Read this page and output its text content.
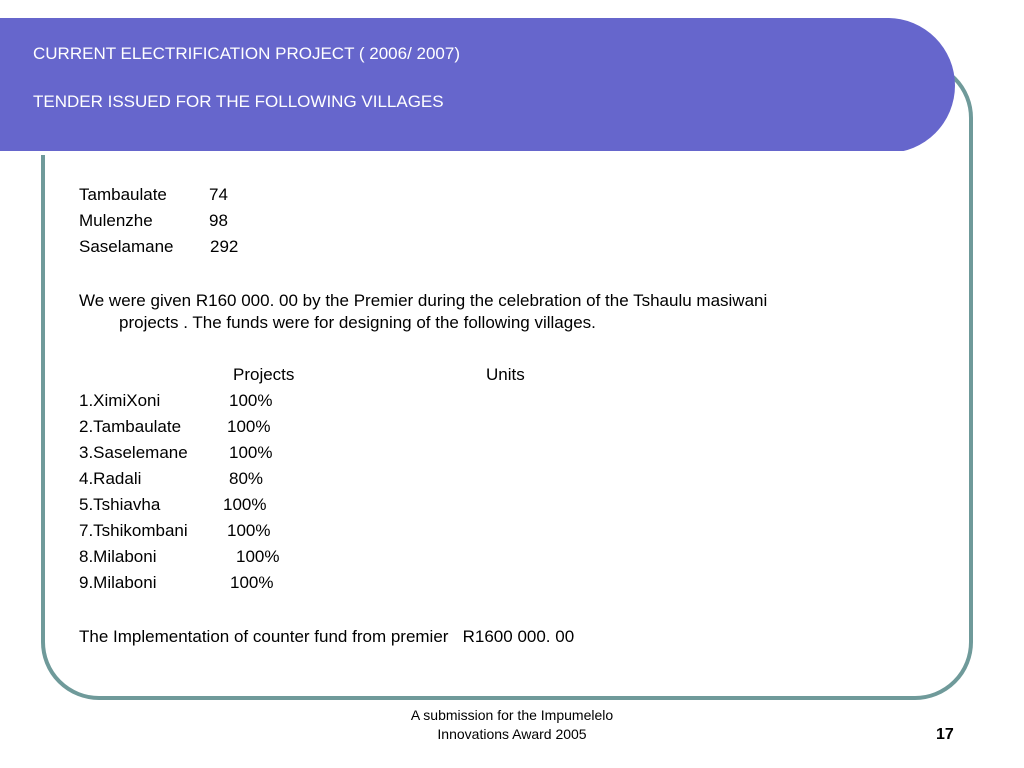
CURRENT ELECTRIFICATION PROJECT ( 2006/ 2007)
TENDER ISSUED FOR THE FOLLOWING VILLAGES
Tambaulate 74
Mulenzhe	98
Saselamane 292
We were given R160 000. 00 by the Premier during the celebration of the Tshaulu masiwani
projects . The funds were for designing of the following villages.
Projects	Units
1.XimiXoni	100%
2.Tambaulate	100%
3.Saselemane 100%
4.Radali	80%
5.Tshiavha	100%
7.Tshikombani 100%
8.Milaboni	100%
9.Milaboni	100%
The Implementation of counter fund from premier   R1600 000. 00
A submission for the Impumelelo
Innovations Award 2005	17
